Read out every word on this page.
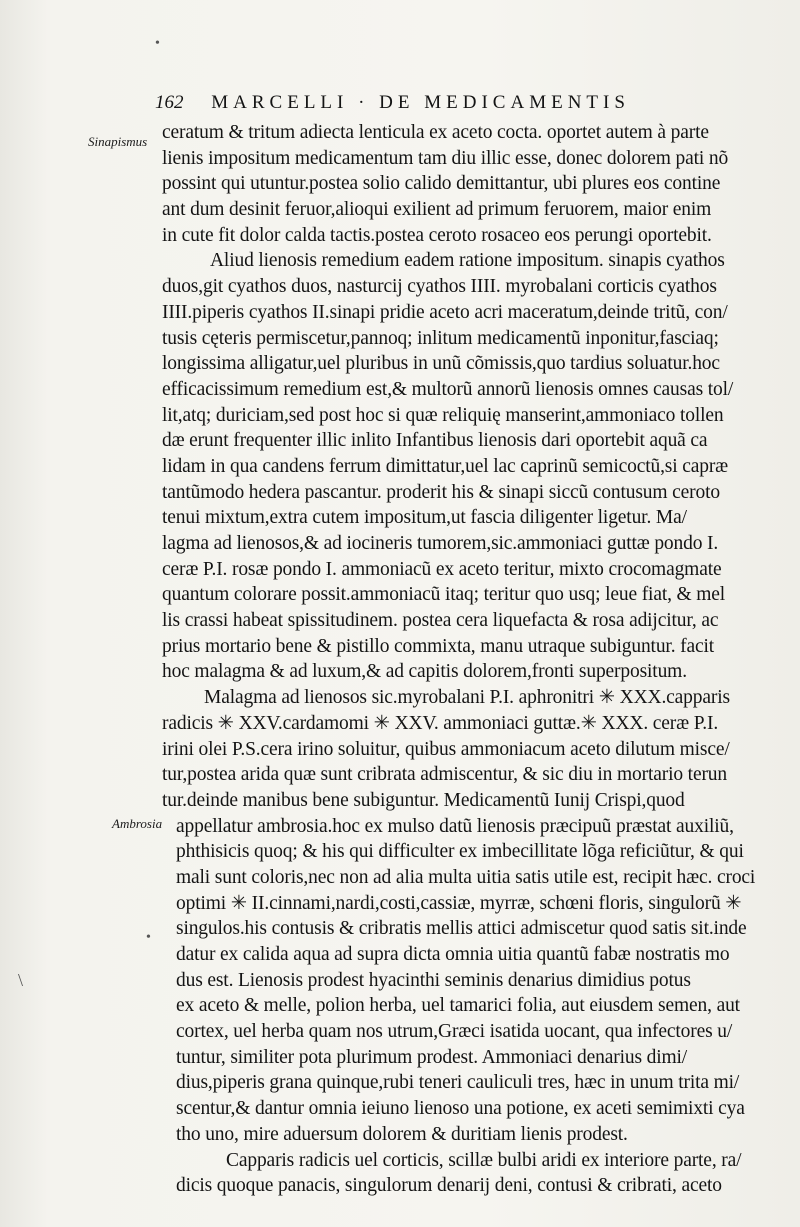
•
162 MARCELLI · DE MEDICAMENTIS
Sinapismus
Ambrosia
•
\
ceratum & tritum adiecta lenticula ex aceto cocta. oportet autem à parte
lienis impositum medicamentum tam diu illic esse, donec dolorem pati nõ
possint qui utuntur.postea solio calido demittantur, ubi plures eos contine
ant dum desinit feruor,alioqui exilient ad primum feruorem, maior enim
in cute fit dolor calda tactis.postea ceroto rosaceo eos perungi oportebit.
Aliud lienosis remedium eadem ratione impositum. sinapis cyathos
duos,git cyathos duos, nasturcij cyathos IIII. myrobalani corticis cyathos
IIII.piperis cyathos II.sinapi pridie aceto acri maceratum,deinde tritũ, con/
tusis cęteris permiscetur,pannoq; inlitum medicamentũ inponitur,fasciaq;
longissima alligatur,uel pluribus in unũ cõmissis,quo tardius soluatur.hoc
efficacissimum remedium est,& multorũ annorũ lienosis omnes causas tol/
lit,atq; duriciam,sed post hoc si quæ reliquię manserint,ammoniaco tollen
dæ erunt frequenter illic inlito Infantibus lienosis dari oportebit aquã ca
lidam in qua candens ferrum dimittatur,uel lac caprinũ semicoctũ,si capræ
tantũmodo hedera pascantur. proderit his & sinapi siccũ contusum ceroto
tenui mixtum,extra cutem impositum,ut fascia diligenter ligetur. Ma/
lagma ad lienosos,& ad iocineris tumorem,sic.ammoniaci guttæ pondo I.
ceræ P.I. rosæ pondo I. ammoniacũ ex aceto teritur, mixto crocomagmate
quantum colorare possit.ammoniacũ itaq; teritur quo usq; leue fiat, & mel
lis crassi habeat spissitudinem. postea cera liquefacta & rosa adijcitur, ac
prius mortario bene & pistillo commixta, manu utraque subiguntur. facit
hoc malagma & ad luxum,& ad capitis dolorem,fronti superpositum.
Malagma ad lienosos sic.myrobalani P.I. aphronitri ✳ XXX.capparis
radicis ✳ XXV.cardamomi ✳ XXV. ammoniaci guttæ.✳ XXX. ceræ P.I.
irini olei P.S.cera irino soluitur, quibus ammoniacum aceto dilutum misce/
tur,postea arida quæ sunt cribrata admiscentur, & sic diu in mortario terun
tur.deinde manibus bene subiguntur. Medicamentũ Iunij Crispi,quod
appellatur ambrosia.hoc ex mulso datũ lienosis præcipuũ præstat auxiliũ,
phthisicis quoq; & his qui difficulter ex imbecillitate lõga reficiũtur, & qui
mali sunt coloris,nec non ad alia multa uitia satis utile est, recipit hæc. croci
optimi ✳ II.cinnami,nardi,costi,cassiæ, myrræ, schœni floris, singulorũ ✳
singulos.his contusis & cribratis mellis attici admiscetur quod satis sit.inde
datur ex calida aqua ad supra dicta omnia uitia quantũ fabæ nostratis mo
dus est. Lienosis prodest hyacinthi seminis denarius dimidius potus
ex aceto & melle, polion herba, uel tamarici folia, aut eiusdem semen, aut
cortex, uel herba quam nos utrum,Græci isatida uocant, qua infectores u/
tuntur, similiter pota plurimum prodest. Ammoniaci denarius dimi/
dius,piperis grana quinque,rubi teneri cauliculi tres, hæc in unum trita mi/
scentur,& dantur omnia ieiuno lienoso una potione, ex aceti semimixti cya
tho uno, mire aduersum dolorem & duritiam lienis prodest.
Capparis radicis uel corticis, scillæ bulbi aridi ex interiore parte, ra/
dicis quoque panacis, singulorum denarij deni, contusi & cribrati, aceto
